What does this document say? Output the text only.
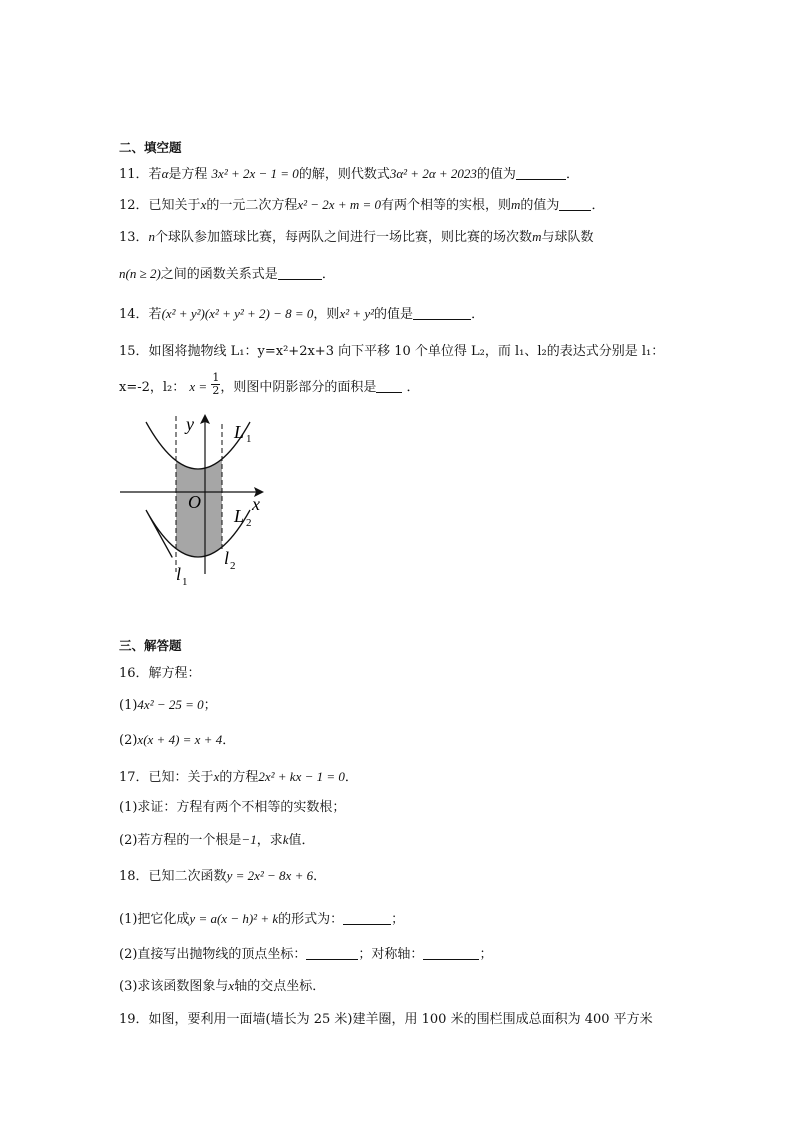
二、填空题
11．若α是方程 3x² + 2x − 1 = 0的解，则代数式3α² + 2α + 2023的值为	．
12．已知关于x的一元二次方程x² − 2x + m = 0有两个相等的实根，则m的值为 ．
13．n个球队参加篮球比赛，每两队之间进行一场比赛，则比赛的场次数m与球队数
n(n ≥ 2)之间的函数关系式是	．
14．若(x² + y²)(x² + y² + 2) − 8 = 0，则x² + y²的值是	．
15．如图将抛物线 L₁：y=x²+2x+3 向下平移 10 个单位得 L₂，而 l₁、l₂的表达式分别是 l₁：
x=-2，l₂： $x = \frac{1}{2}$ ，则图中阴影部分的面积是 ．
y
x
O
L 1
L 2
l 2
l 1
三、解答题
16．解方程：
(1)4x² − 25 = 0；
(2)x(x + 4) = x + 4．
17．已知：关于x的方程2x² + kx − 1 = 0．
(1)求证：方程有两个不相等的实数根；
(2)若方程的一个根是−1，求k值．
18．已知二次函数y = 2x² − 8x + 6．
(1)把它化成y = a(x − h)² + k的形式为：	；
(2)直接写出抛物线的顶点坐标：	；对称轴：	；
(3)求该函数图象与x轴的交点坐标．
19．如图，要利用一面墙(墙长为 25 米)建羊圈，用 100 米的围栏围成总面积为 400 平方米
